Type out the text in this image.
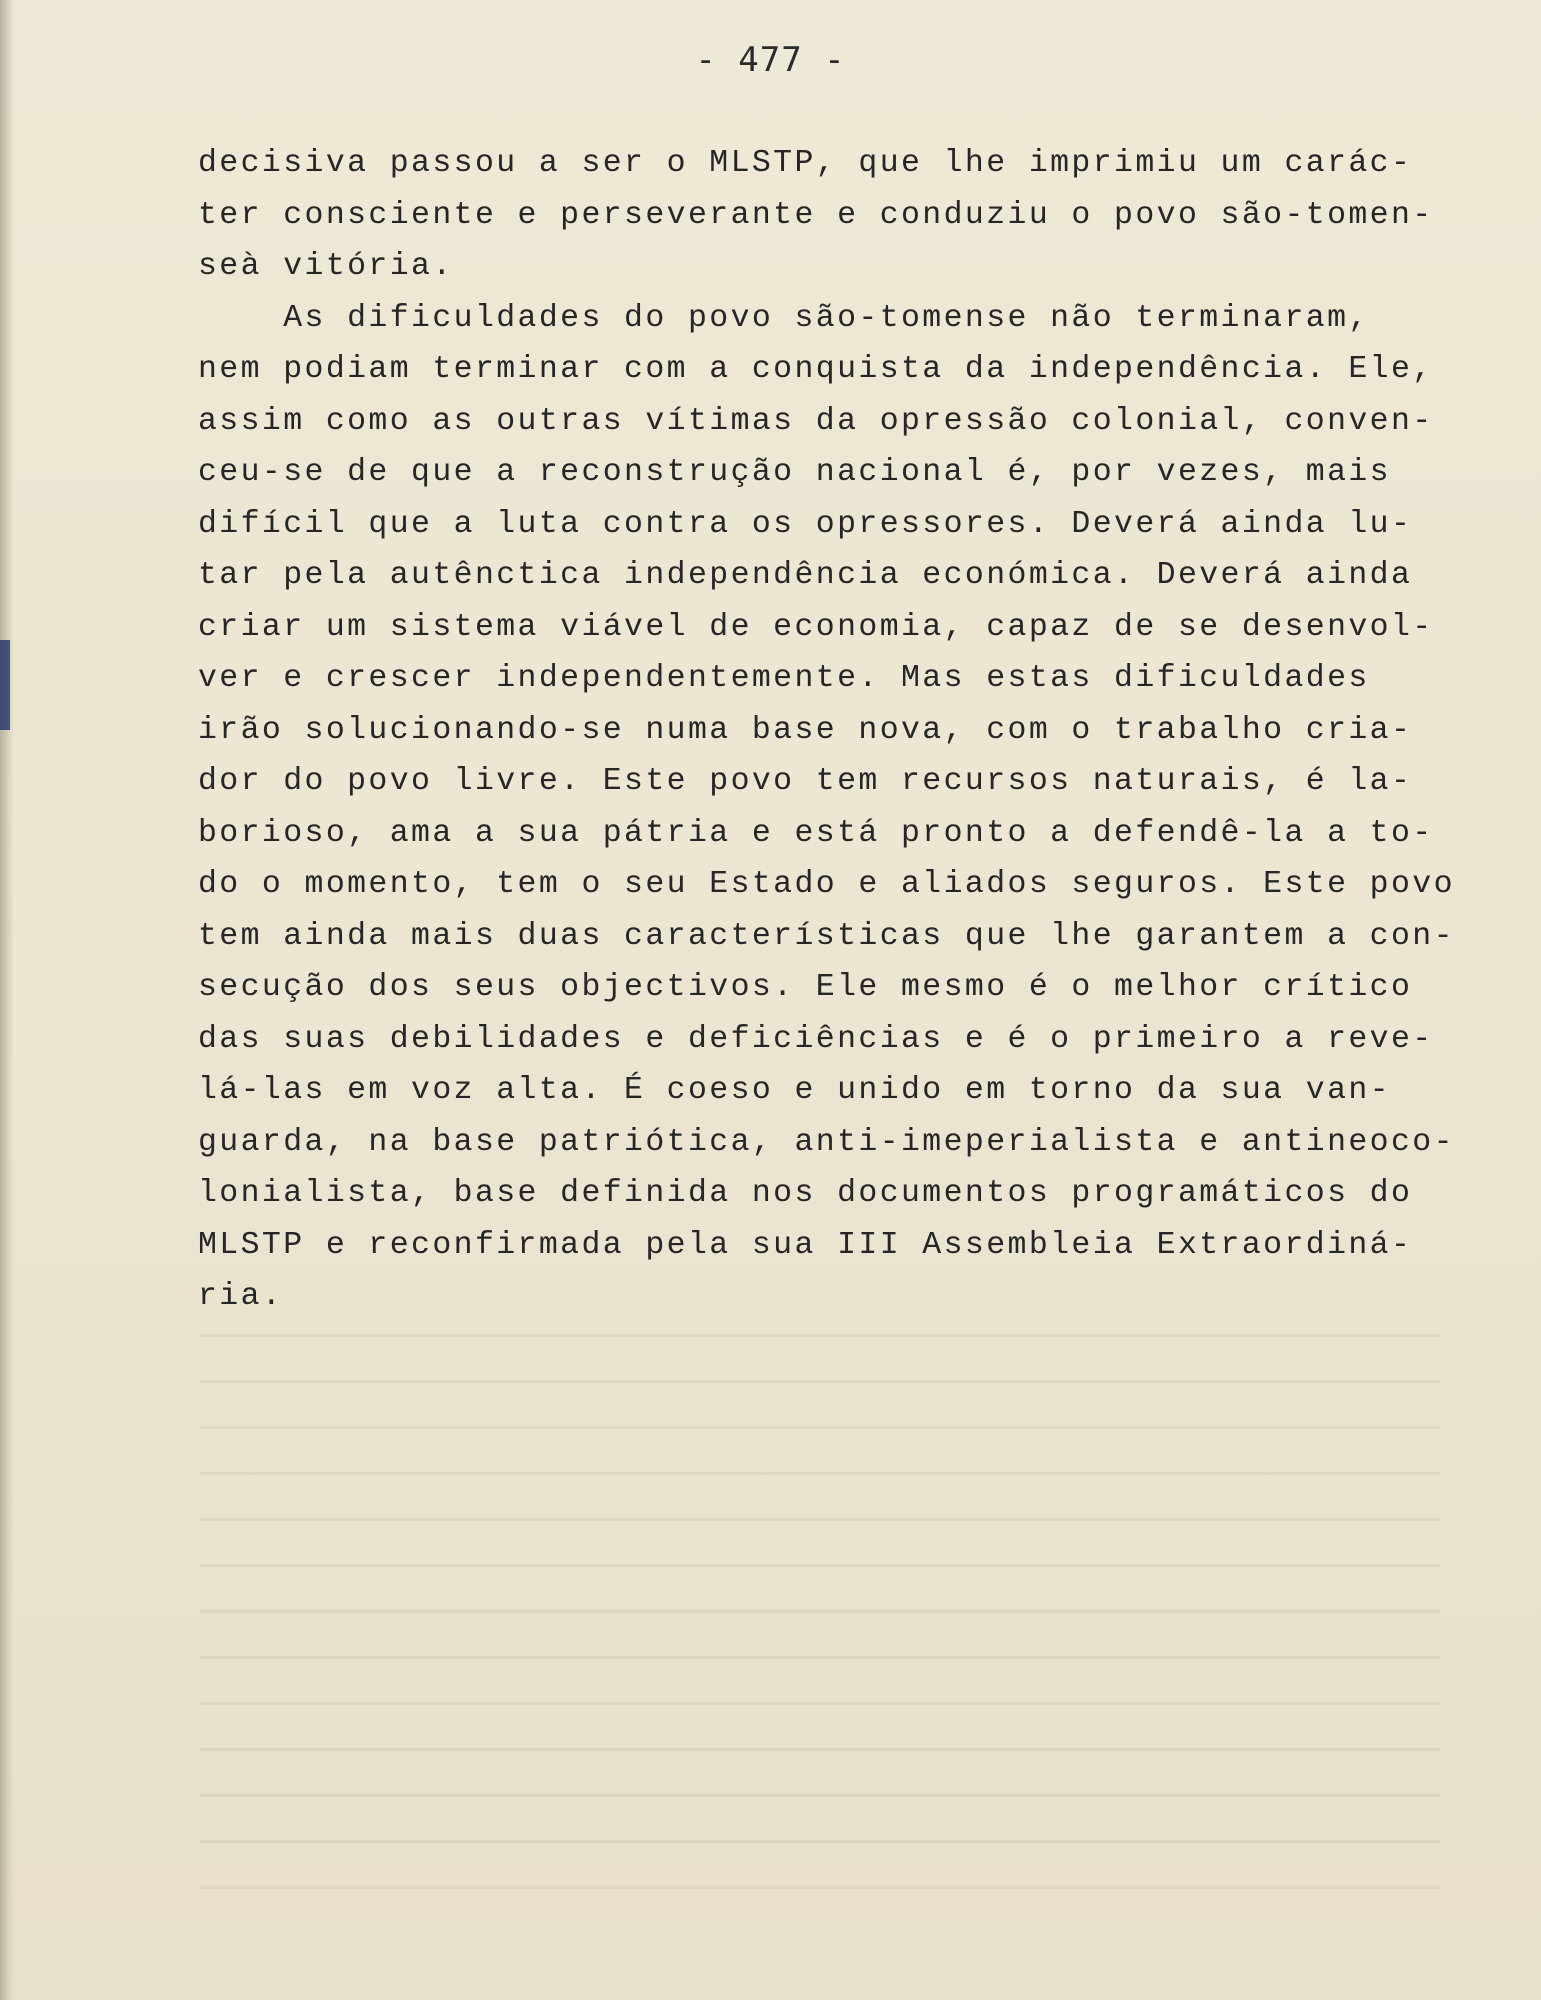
- 477 -
decisiva passou a ser o MLSTP, que lhe imprimiu um carác-
ter consciente e perseverante e conduziu o povo são-tomen-
seà vitória.
As dificuldades do povo são-tomense não terminaram,
nem podiam terminar com a conquista da independência. Ele,
assim como as outras vítimas da opressão colonial, conven-
ceu-se de que a reconstrução nacional é, por vezes, mais
difícil que a luta contra os opressores. Deverá ainda lu-
tar pela autênctica independência económica. Deverá ainda
criar um sistema viável de economia, capaz de se desenvol-
ver e crescer independentemente. Mas estas dificuldades
irão solucionando-se numa base nova, com o trabalho cria-
dor do povo livre. Este povo tem recursos naturais, é la-
borioso, ama a sua pátria e está pronto a defendê-la a to-
do o momento, tem o seu Estado e aliados seguros. Este povo
tem ainda mais duas características que lhe garantem a con-
secução dos seus objectivos. Ele mesmo é o melhor crítico
das suas debilidades e deficiências e é o primeiro a reve-
lá-las em voz alta. É coeso e unido em torno da sua van-
guarda, na base patriótica, anti-imeperialista e antineoco-
lonialista, base definida nos documentos programáticos do
MLSTP e reconfirmada pela sua III Assembleia Extraordiná-
ria.
